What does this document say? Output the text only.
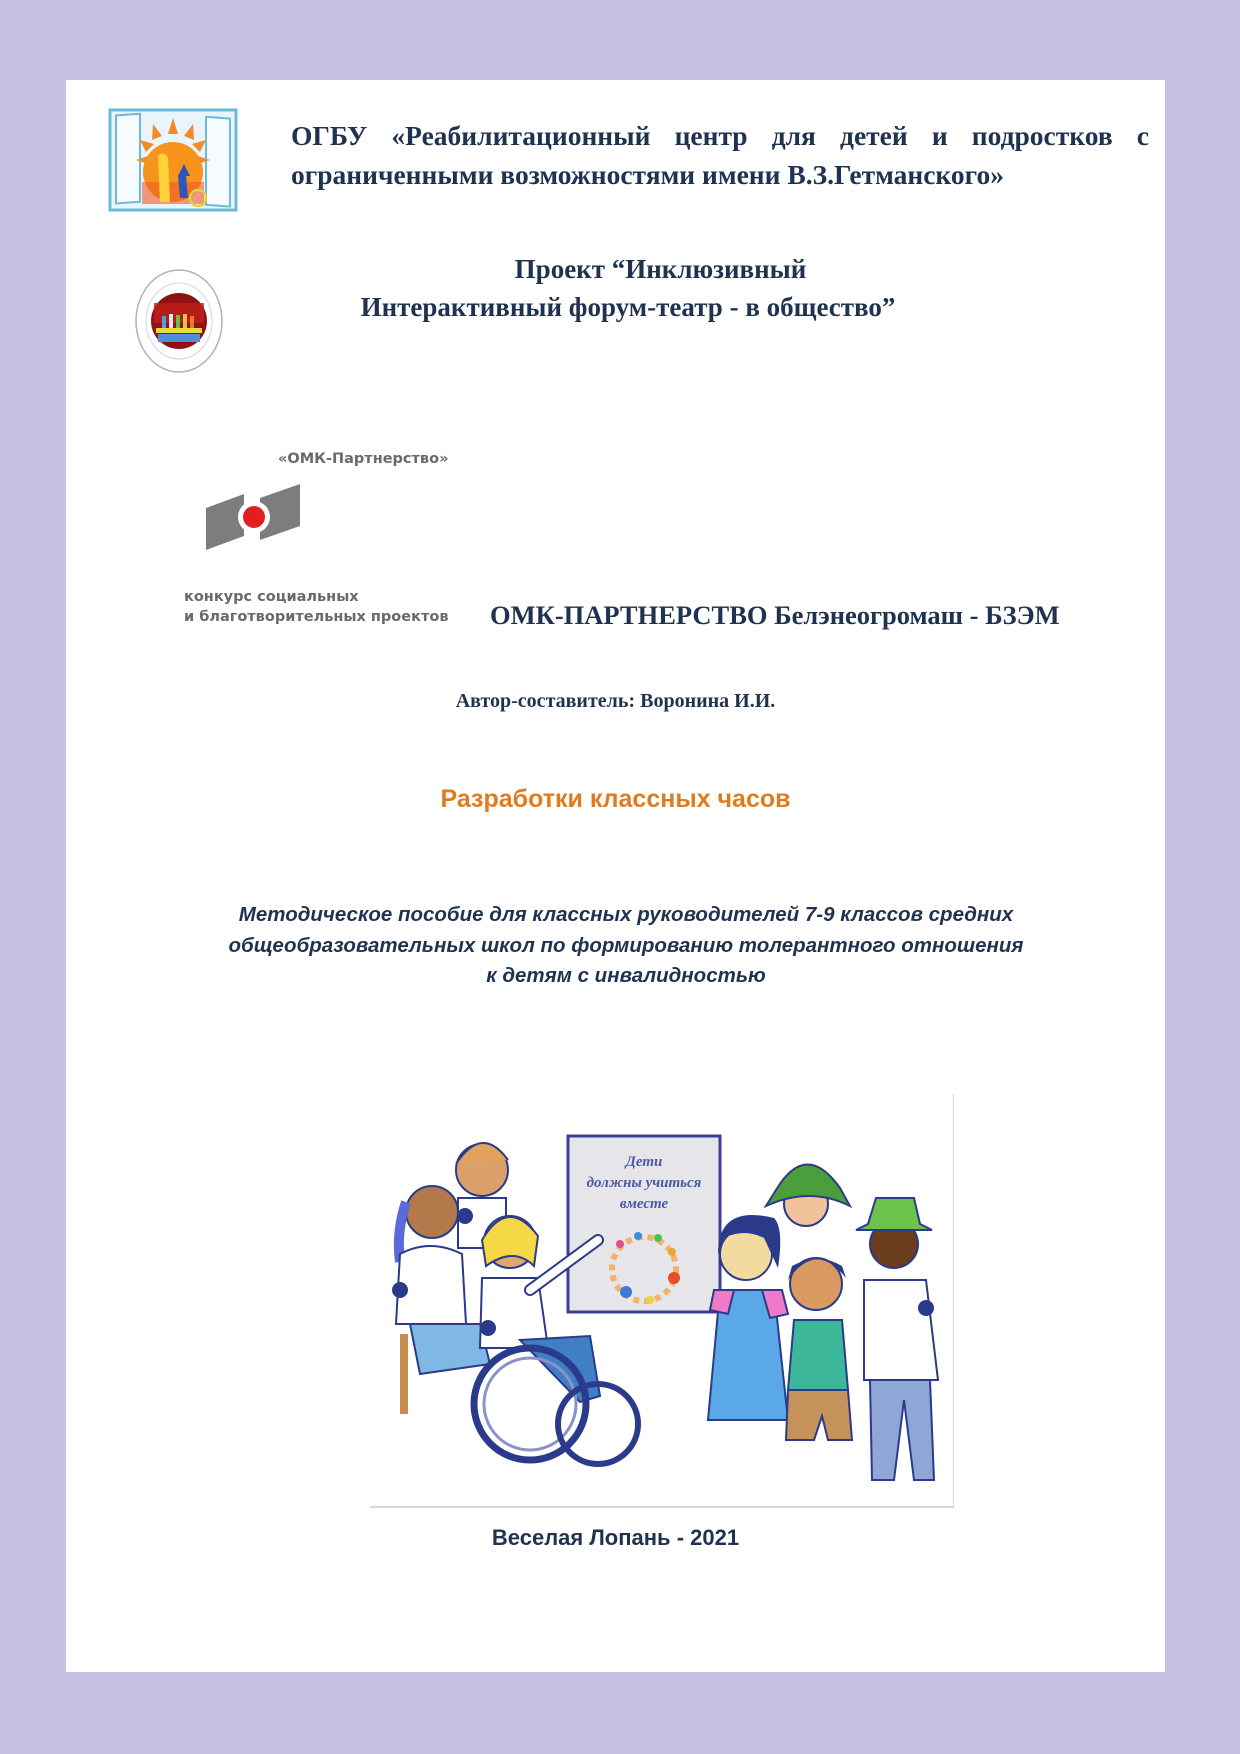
ОГБУ «Реабилитационный центр для детей и подростков с ограниченными возможностями имени В.З.Гетманского»
Проект “Инклюзивный
Интерактивный форум-театр - в общество”
«ОМК-Партнерство»
конкурс социальных
и благотворительных проектов ОМК-ПАРТНЕРСТВО Белэнеогромаш - БЗЭМ
Автор-составитель: Воронина И.И.
Разработки классных часов
Методическое пособие для классных руководителей 7-9 классов средних
общеобразовательных школ по формированию толерантного отношения
к детям с инвалидностью
Дети
должны учиться
вместе
Веселая Лопань - 2021
